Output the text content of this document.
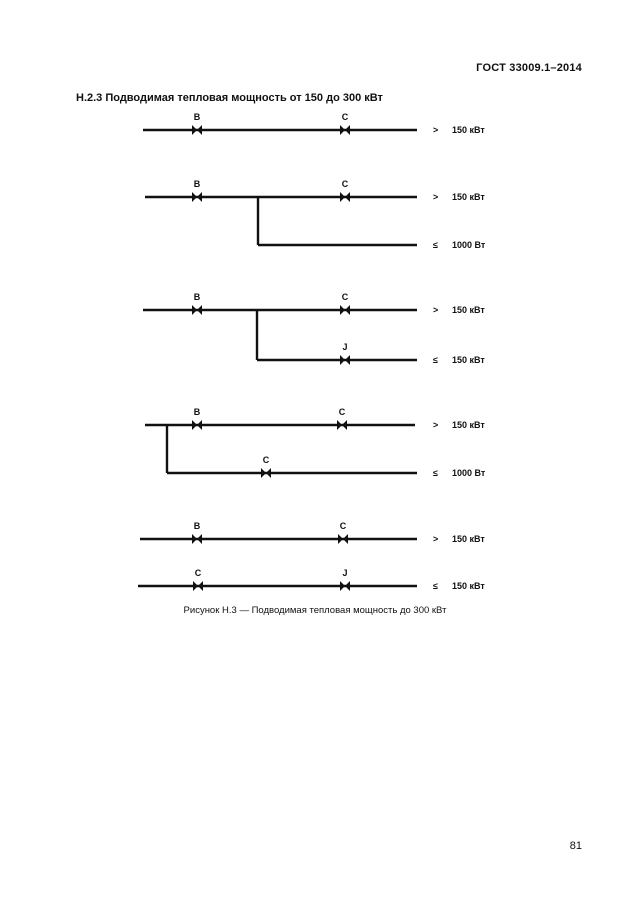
ГОСТ 33009.1–2014
Н.2.3 Подводимая тепловая мощность от 150 до 300 кВт
B	C
> 150 кВт
B	C
> 150 кВт
≤ 1000 Вт
B	C
> 150 кВт
J
≤ 150 кВт
B	C
> 150 кВт
C
≤ 1000 Вт
B	C
> 150 кВт
C	J
≤ 150 кВт
Рисунок Н.3 — Подводимая тепловая мощность до 300 кВт
81
